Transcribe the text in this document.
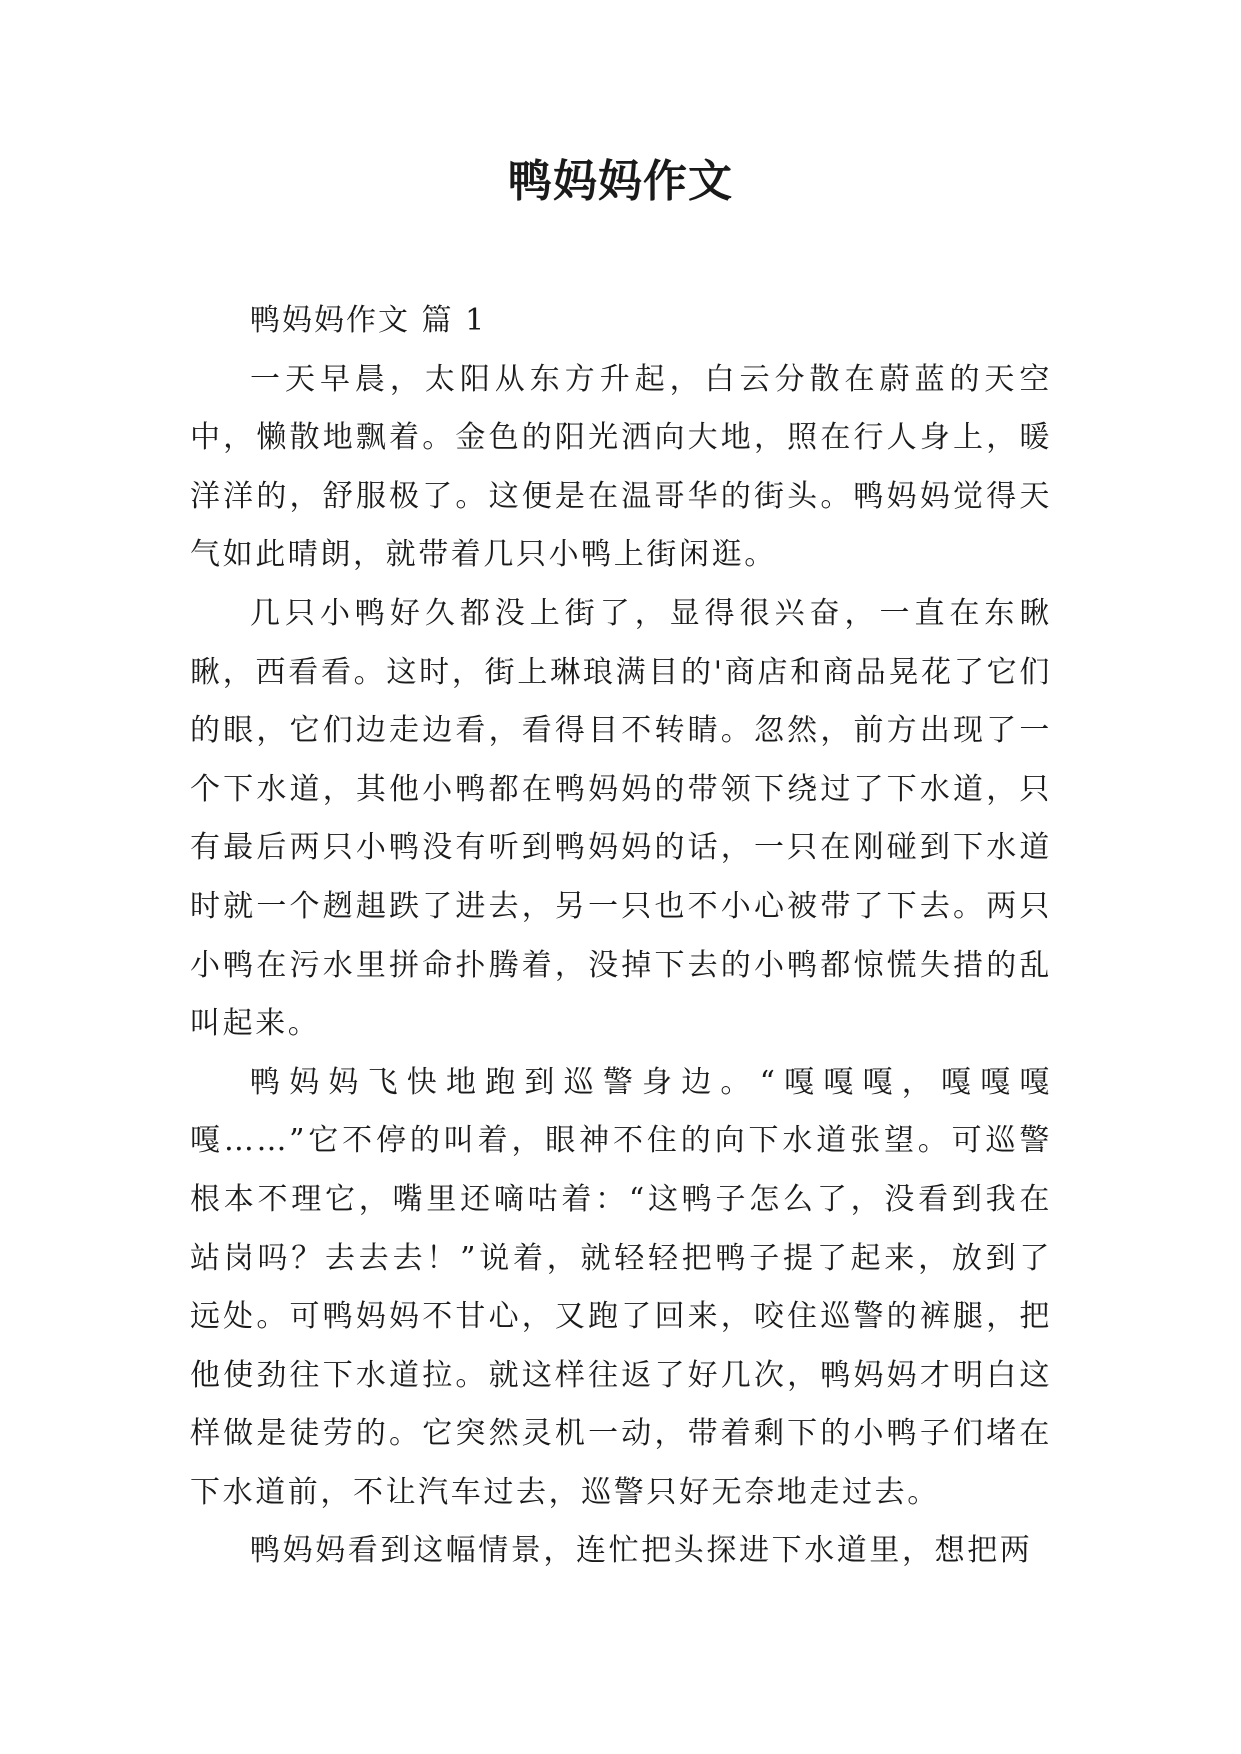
鸭妈妈作文

鸭妈妈作文 篇 1

一天早晨，太阳从东方升起，白云分散在蔚蓝的天空中，懒散地飘着。金色的阳光洒向大地，照在行人身上，暖洋洋的，舒服极了。这便是在温哥华的街头。鸭妈妈觉得天气如此晴朗，就带着几只小鸭上街闲逛。

几只小鸭好久都没上街了，显得很兴奋，一直在东瞅瞅，西看看。这时，街上琳琅满目的'商店和商品晃花了它们的眼，它们边走边看，看得目不转睛。忽然，前方出现了一个下水道，其他小鸭都在鸭妈妈的带领下绕过了下水道，只有最后两只小鸭没有听到鸭妈妈的话，一只在刚碰到下水道时就一个趔趄跌了进去，另一只也不小心被带了下去。两只小鸭在污水里拼命扑腾着，没掉下去的小鸭都惊慌失措的乱叫起来。

鸭妈妈飞快地跑到巡警身边。“嘎嘎嘎，嘎嘎嘎嘎……”它不停的叫着，眼神不住的向下水道张望。可巡警根本不理它，嘴里还嘀咕着：“这鸭子怎么了，没看到我在站岗吗？去去去！”说着，就轻轻把鸭子提了起来，放到了远处。可鸭妈妈不甘心，又跑了回来，咬住巡警的裤腿，把他使劲往下水道拉。就这样往返了好几次，鸭妈妈才明白这样做是徒劳的。它突然灵机一动，带着剩下的小鸭子们堵在下水道前，不让汽车过去，巡警只好无奈地走过去。

鸭妈妈看到这幅情景，连忙把头探进下水道里，想把两
